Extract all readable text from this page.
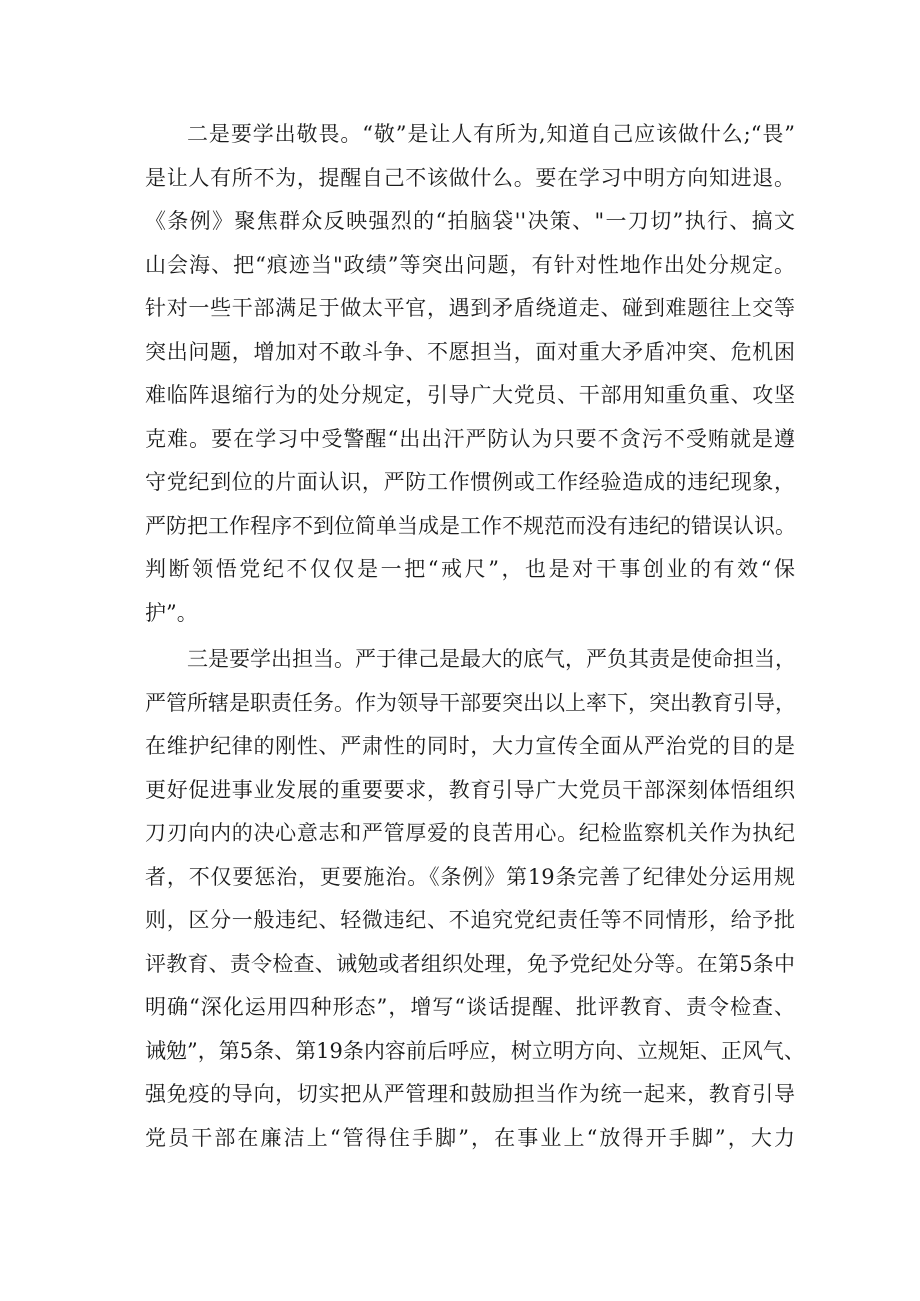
二是要学出敬畏。“敬”是让人有所为,知道自己应该做什么;“畏”
是让人有所不为，提醒自己不该做什么。要在学习中明方向知进退。
《条例》聚焦群众反映强烈的“拍脑袋''决策、"一刀切”执行、搞文
山会海、把“痕迹当"政绩”等突出问题，有针对性地作出处分规定。
针对一些干部满足于做太平官，遇到矛盾绕道走、碰到难题往上交等
突出问题，增加对不敢斗争、不愿担当，面对重大矛盾冲突、危机困
难临阵退缩行为的处分规定，引导广大党员、干部用知重负重、攻坚
克难。要在学习中受警醒“出出汗严防认为只要不贪污不受贿就是遵
守党纪到位的片面认识，严防工作惯例或工作经验造成的违纪现象，
严防把工作程序不到位简单当成是工作不规范而没有违纪的错误认识。
判断领悟党纪不仅仅是一把“戒尺”，也是对干事创业的有效“保
护”。
三是要学出担当。严于律己是最大的底气，严负其责是使命担当，
严管所辖是职责任务。作为领导干部要突出以上率下，突出教育引导，
在维护纪律的刚性、严肃性的同时，大力宣传全面从严治党的目的是
更好促进事业发展的重要要求，教育引导广大党员干部深刻体悟组织
刀刃向内的决心意志和严管厚爱的良苦用心。纪检监察机关作为执纪
者，不仅要惩治，更要施治。《条例》第19条完善了纪律处分运用规
则，区分一般违纪、轻微违纪、不追究党纪责任等不同情形，给予批
评教育、责令检查、诫勉或者组织处理，免予党纪处分等。在第5条中
明确“深化运用四种形态”，增写“谈话提醒、批评教育、责令检查、
诫勉”，第5条、第19条内容前后呼应，树立明方向、立规矩、正风气、
强免疫的导向，切实把从严管理和鼓励担当作为统一起来，教育引导
党员干部在廉洁上“管得住手脚”，在事业上“放得开手脚”，大力
